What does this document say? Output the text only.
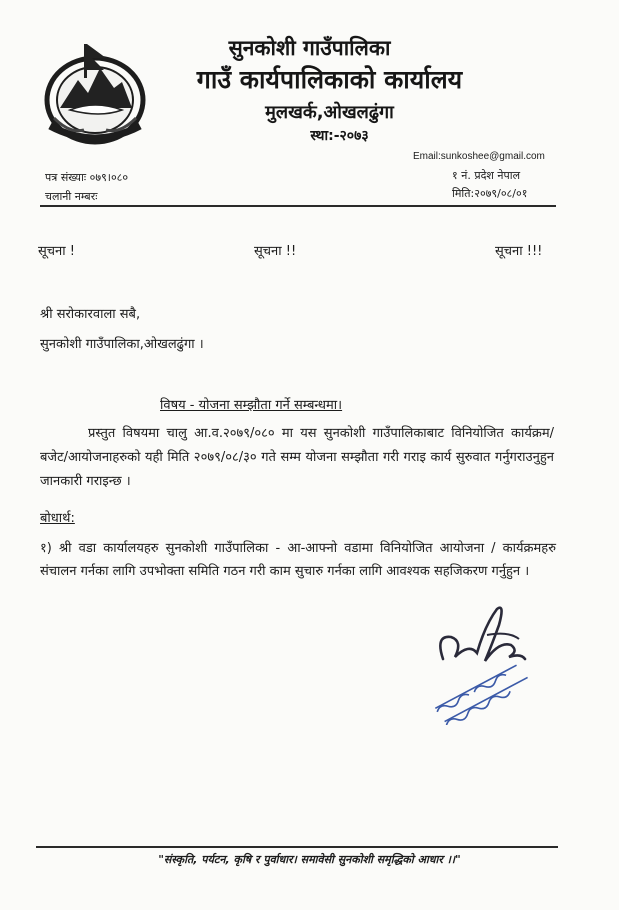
सुनकोशी गाउँपालिका
गाउँ कार्यपालिकाको कार्यालय
मुलखर्क,ओखलढुंगा
स्था:-२०७३
Email:sunkoshee@gmail.com
१ नं. प्रदेश नेपाल
मिति:२०७९/०८/०१
पत्र संख्याः ०७९।०८०
चलानी नम्बरः
सूचना !	सूचना !!	सूचना !!!
श्री सरोकारवाला सबै,
सुनकोशी गाउँपालिका,ओखलढुंगा ।
विषय - योजना सम्झौता गर्ने सम्बन्धमा।

प्रस्तुत विषयमा चालु आ.व.२०७९/०८० मा यस सुनकोशी गाउँपालिकाबाट विनियोजित कार्यक्रम/बजेट/आयोजनाहरुको यही मिति २०७९/०८/३० गते सम्म योजना सम्झौता गरी गराइ कार्य सुरुवात गर्नुगराउनुहुन जानकारी गराइन्छ ।

बोधार्थ:
१) श्री वडा कार्यालयहरु सुनकोशी गाउँपालिका - आ-आफ्नो वडामा विनियोजित आयोजना / कार्यक्रमहरु संचालन गर्नका लागि उपभोक्ता समिति गठन गरी काम सुचारु गर्नका लागि आवश्यक सहजिकरण गर्नुहुन ।
"संस्कृति, पर्यटन, कृषि र पुर्वाधार। समावेसी सुनकोशी समृद्धिको आधार ।।"
